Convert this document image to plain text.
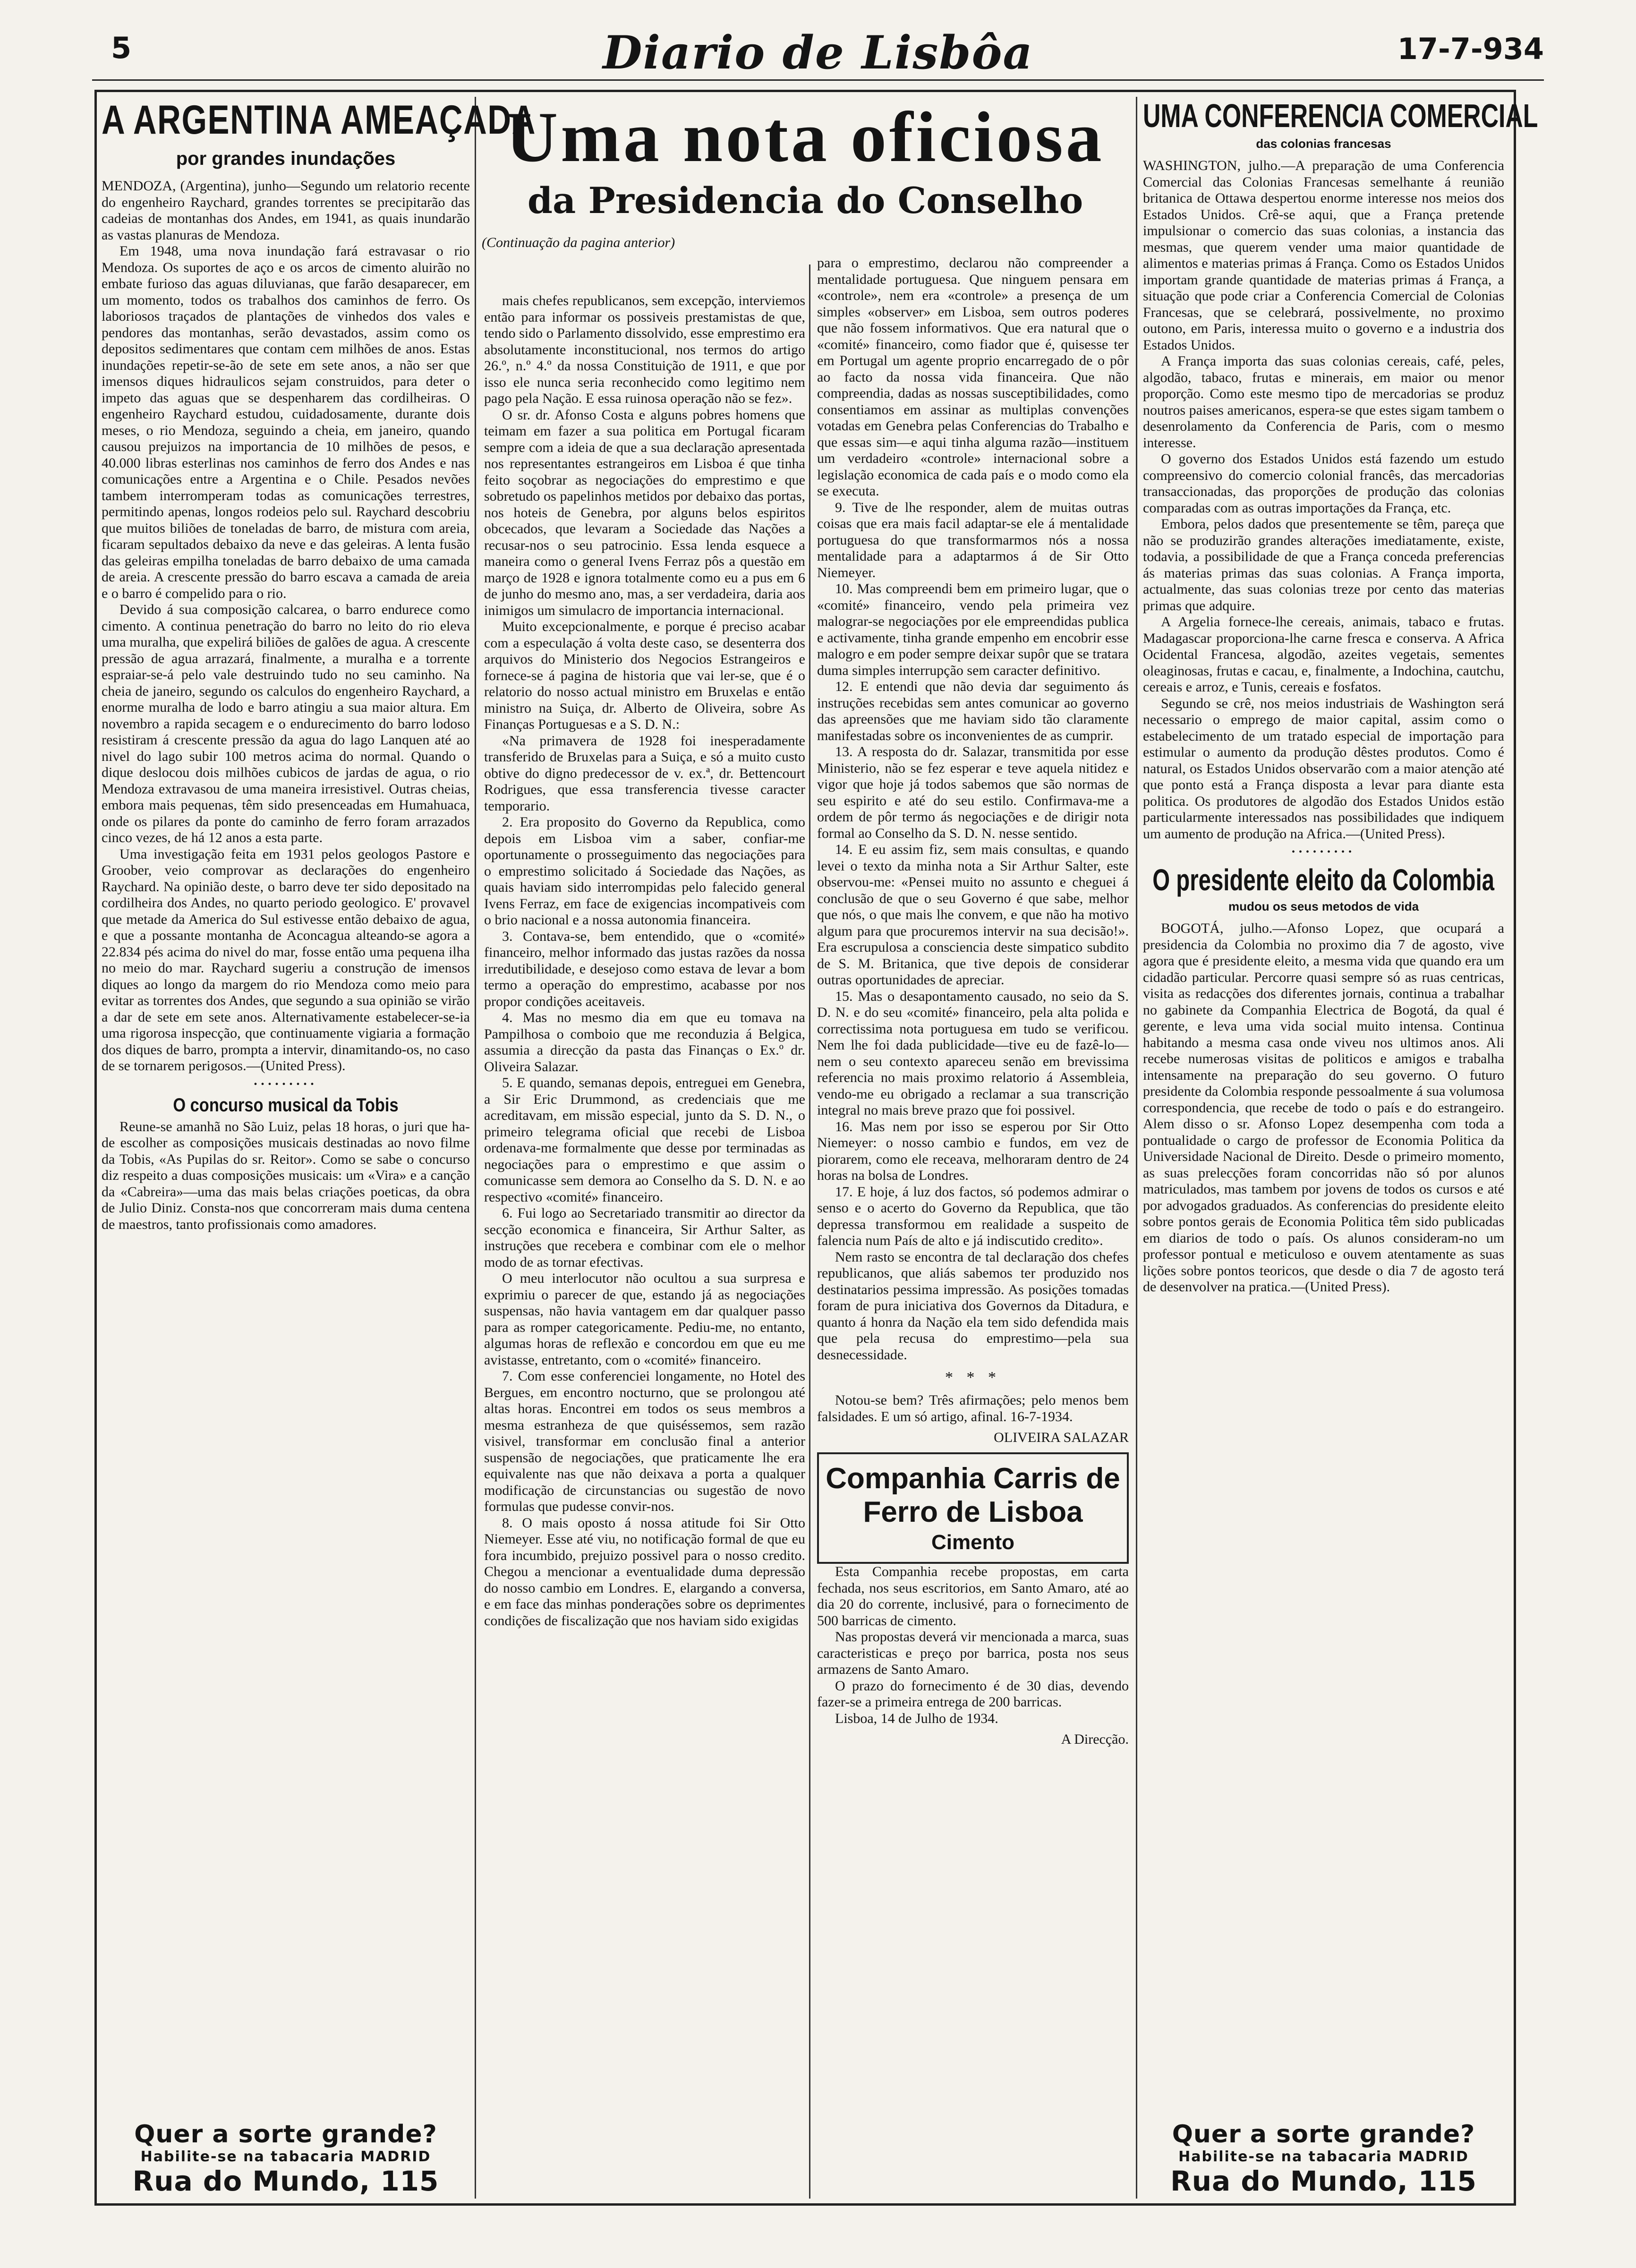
5	Diario de Lisbôa	17-7-934
A ARGENTINA AMEAÇADA
por grandes inundações

MENDOZA, (Argentina), junho—Segundo um relatorio recente do engenheiro Raychard, grandes torrentes se precipitarão das cadeias de montanhas dos Andes, em 1941, as quais inundarão as vastas planuras de Mendoza.

Em 1948, uma nova inundação fará estravasar o rio Mendoza. Os suportes de aço e os arcos de cimento aluirão no embate furioso das aguas diluvianas, que farão desaparecer, em um momento, todos os trabalhos dos caminhos de ferro. Os laboriosos traçados de plantações de vinhedos dos vales e pendores das montanhas, serão devastados, assim como os depositos sedimentares que contam cem milhões de anos. Estas inundações repetir-se-ão de sete em sete anos, a não ser que imensos diques hidraulicos sejam construidos, para deter o impeto das aguas que se despenharem das cordilheiras. O engenheiro Raychard estudou, cuidadosamente, durante dois meses, o rio Mendoza, seguindo a cheia, em janeiro, quando causou prejuizos na importancia de 10 milhões de pesos, e 40.000 libras esterlinas nos caminhos de ferro dos Andes e nas comunicações entre a Argentina e o Chile. Pesados nevões tambem interromperam todas as comunicações terrestres, permitindo apenas, longos rodeios pelo sul. Raychard descobriu que muitos biliões de toneladas de barro, de mistura com areia, ficaram sepultados debaixo da neve e das geleiras. A lenta fusão das geleiras empilha toneladas de barro debaixo de uma camada de areia. A crescente pressão do barro escava a camada de areia e o barro é compelido para o rio.

Devido á sua composição calcarea, o barro endurece como cimento. A continua penetração do barro no leito do rio eleva uma muralha, que expelirá biliões de galões de agua. A crescente pressão de agua arrazará, finalmente, a muralha e a torrente espraiar-se-á pelo vale destruindo tudo no seu caminho. Na cheia de janeiro, segundo os calculos do engenheiro Raychard, a enorme muralha de lodo e barro atingiu a sua maior altura. Em novembro a rapida secagem e o endurecimento do barro lodoso resistiram á crescente pressão da agua do lago Lanquen até ao nivel do lago subir 100 metros acima do normal. Quando o dique deslocou dois milhões cubicos de jardas de agua, o rio Mendoza extravasou de uma maneira irresistivel. Outras cheias, embora mais pequenas, têm sido presenceadas em Humahuaca, onde os pilares da ponte do caminho de ferro foram arrazados cinco vezes, de há 12 anos a esta parte.

Uma investigação feita em 1931 pelos geologos Pastore e Groober, veio comprovar as declarações do engenheiro Raychard. Na opinião deste, o barro deve ter sido depositado na cordilheira dos Andes, no quarto periodo geologico. E' provavel que metade da America do Sul estivesse então debaixo de agua, e que a possante montanha de Aconcagua alteando-se agora a 22.834 pés acima do nivel do mar, fosse então uma pequena ilha no meio do mar. Raychard sugeriu a construção de imensos diques ao longo da margem do rio Mendoza como meio para evitar as torrentes dos Andes, que segundo a sua opinião se virão a dar de sete em sete anos. Alternativamente estabelecer-se-ia uma rigorosa inspecção, que continuamente vigiaria a formação dos diques de barro, prompta a intervir, dinamitando-os, no caso de se tornarem perigosos.—(United Press).

•••••••••
O concurso musical da Tobis

Reune-se amanhã no São Luiz, pelas 18 horas, o juri que ha-de escolher as composições musicais destinadas ao novo filme da Tobis, «As Pupilas do sr. Reitor». Como se sabe o concurso diz respeito a duas composições musicais: um «Vira» e a canção da «Cabreira»—uma das mais belas criações poeticas, da obra de Julio Diniz. Consta-nos que concorreram mais duma centena de maestros, tanto profissionais como amadores.

Quer a sorte grande?
Habilite-se na tabacaria MADRID
Rua do Mundo, 115
Uma nota oficiosa
da Presidencia do Conselho
(Continuação da pagina anterior)

mais chefes republicanos, sem excepção, interviemos então para informar os possiveis prestamistas de que, tendo sido o Parlamento dissolvido, esse emprestimo era absolutamente inconstitucional, nos termos do artigo 26.º, n.º 4.º da nossa Constituição de 1911, e que por isso ele nunca seria reconhecido como legitimo nem pago pela Nação. E essa ruinosa operação não se fez».

O sr. dr. Afonso Costa e alguns pobres homens que teimam em fazer a sua politica em Portugal ficaram sempre com a ideia de que a sua declaração apresentada nos representantes estrangeiros em Lisboa é que tinha feito soçobrar as negociações do emprestimo e que sobretudo os papelinhos metidos por debaixo das portas, nos hoteis de Genebra, por alguns belos espiritos obcecados, que levaram a Sociedade das Nações a recusar-nos o seu patrocinio. Essa lenda esquece a maneira como o general Ivens Ferraz pôs a questão em março de 1928 e ignora totalmente como eu a pus em 6 de junho do mesmo ano, mas, a ser verdadeira, daria aos inimigos um simulacro de importancia internacional.

Muito excepcionalmente, e porque é preciso acabar com a especulação á volta deste caso, se desenterra dos arquivos do Ministerio dos Negocios Estrangeiros e fornece-se á pagina de historia que vai ler-se, que é o relatorio do nosso actual ministro em Bruxelas e então ministro na Suiça, dr. Alberto de Oliveira, sobre As Finanças Portuguesas e a S. D. N.:

«Na primavera de 1928 foi inesperadamente transferido de Bruxelas para a Suiça, e só a muito custo obtive do digno predecessor de v. ex.ª, dr. Bettencourt Rodrigues, que essa transferencia tivesse caracter temporario.

2. Era proposito do Governo da Republica, como depois em Lisboa vim a saber, confiar-me oportunamente o prosseguimento das negociações para o emprestimo solicitado á Sociedade das Nações, as quais haviam sido interrompidas pelo falecido general Ivens Ferraz, em face de exigencias incompativeis com o brio nacional e a nossa autonomia financeira.

3. Contava-se, bem entendido, que o «comité» financeiro, melhor informado das justas razões da nossa irredutibilidade, e desejoso como estava de levar a bom termo a operação do emprestimo, acabasse por nos propor condições aceitaveis.

4. Mas no mesmo dia em que eu tomava na Pampilhosa o comboio que me reconduzia á Belgica, assumia a direcção da pasta das Finanças o Ex.º dr. Oliveira Salazar.

5. E quando, semanas depois, entreguei em Genebra, a Sir Eric Drummond, as credenciais que me acreditavam, em missão especial, junto da S. D. N., o primeiro telegrama oficial que recebi de Lisboa ordenava-me formalmente que desse por terminadas as negociações para o emprestimo e que assim o comunicasse sem demora ao Conselho da S. D. N. e ao respectivo «comité» financeiro.

6. Fui logo ao Secretariado transmitir ao director da secção economica e financeira, Sir Arthur Salter, as instruções que recebera e combinar com ele o melhor modo de as tornar efectivas.

O meu interlocutor não ocultou a sua surpresa e exprimiu o parecer de que, estando já as negociações suspensas, não havia vantagem em dar qualquer passo para as romper categoricamente. Pediu-me, no entanto, algumas horas de reflexão e concordou em que eu me avistasse, entretanto, com o «comité» financeiro.

7. Com esse conferenciei longamente, no Hotel des Bergues, em encontro nocturno, que se prolongou até altas horas. Encontrei em todos os seus membros a mesma estranheza de que quiséssemos, sem razão visivel, transformar em conclusão final a anterior suspensão de negociações, que praticamente lhe era equivalente nas que não deixava a porta a qualquer modificação de circunstancias ou sugestão de novo formulas que pudesse convir-nos.

8. O mais oposto á nossa atitude foi Sir Otto Niemeyer. Esse até viu, no notificação formal de que eu fora incumbido, prejuizo possivel para o nosso credito. Chegou a mencionar a eventualidade duma depressão do nosso cambio em Londres. E, elargando a conversa, e em face das minhas ponderações sobre os deprimentes condições de fiscalização que nos haviam sido exigidas

para o emprestimo, declarou não compreender a mentalidade portuguesa. Que ninguem pensara em «controle», nem era «controle» a presença de um simples «observer» em Lisboa, sem outros poderes que não fossem informativos. Que era natural que o «comité» financeiro, como fiador que é, quisesse ter em Portugal um agente proprio encarregado de o pôr ao facto da nossa vida financeira. Que não compreendia, dadas as nossas susceptibilidades, como consentiamos em assinar as multiplas convenções votadas em Genebra pelas Conferencias do Trabalho e que essas sim—e aqui tinha alguma razão—instituem um verdadeiro «controle» internacional sobre a legislação economica de cada país e o modo como ela se executa.

9. Tive de lhe responder, alem de muitas outras coisas que era mais facil adaptar-se ele á mentalidade portuguesa do que transformarmos nós a nossa mentalidade para a adaptarmos á de Sir Otto Niemeyer.

10. Mas compreendi bem em primeiro lugar, que o «comité» financeiro, vendo pela primeira vez malograr-se negociações por ele empreendidas publica e activamente, tinha grande empenho em encobrir esse malogro e em poder sempre deixar supôr que se tratara duma simples interrupção sem caracter definitivo.

12. E entendi que não devia dar seguimento ás instruções recebidas sem antes comunicar ao governo das apreensões que me haviam sido tão claramente manifestadas sobre os inconvenientes de as cumprir.

13. A resposta do dr. Salazar, transmitida por esse Ministerio, não se fez esperar e teve aquela nitidez e vigor que hoje já todos sabemos que são normas de seu espirito e até do seu estilo. Confirmava-me a ordem de pôr termo ás negociações e de dirigir nota formal ao Conselho da S. D. N. nesse sentido.

14. E eu assim fiz, sem mais consultas, e quando levei o texto da minha nota a Sir Arthur Salter, este observou-me: «Pensei muito no assunto e cheguei á conclusão de que o seu Governo é que sabe, melhor que nós, o que mais lhe convem, e que não ha motivo algum para que procuremos intervir na sua decisão!». Era escrupulosa a consciencia deste simpatico subdito de S. M. Britanica, que tive depois de considerar outras oportunidades de apreciar.

15. Mas o desapontamento causado, no seio da S. D. N. e do seu «comité» financeiro, pela alta polida e correctissima nota portuguesa em tudo se verificou. Nem lhe foi dada publicidade—tive eu de fazê-lo—nem o seu contexto apareceu senão em brevissima referencia no mais proximo relatorio á Assembleia, vendo-me eu obrigado a reclamar a sua transcrição integral no mais breve prazo que foi possivel.

16. Mas nem por isso se esperou por Sir Otto Niemeyer: o nosso cambio e fundos, em vez de piorarem, como ele receava, melhoraram dentro de 24 horas na bolsa de Londres.

17. E hoje, á luz dos factos, só podemos admirar o senso e o acerto do Governo da Republica, que tão depressa transformou em realidade a suspeito de falencia num País de alto e já indiscutido credito».

Nem rasto se encontra de tal declaração dos chefes republicanos, que aliás sabemos ter produzido nos destinatarios pessima impressão. As posições tomadas foram de pura iniciativa dos Governos da Ditadura, e quanto á honra da Nação ela tem sido defendida mais que pela recusa do emprestimo—pela sua desnecessidade.

* * *

Notou-se bem? Três afirmações; pelo menos bem falsidades. E um só artigo, afinal. 16-7-1934.

OLIVEIRA SALAZAR
Companhia Carris de Ferro de Lisboa
Cimento

Esta Companhia recebe propostas, em carta fechada, nos seus escritorios, em Santo Amaro, até ao dia 20 do corrente, inclusivé, para o fornecimento de 500 barricas de cimento.

Nas propostas deverá vir mencionada a marca, suas caracteristicas e preço por barrica, posta nos seus armazens de Santo Amaro.

O prazo do fornecimento é de 30 dias, devendo fazer-se a primeira entrega de 200 barricas.

Lisboa, 14 de Julho de 1934.

A Direcção.
UMA CONFERENCIA COMERCIAL
das colonias francesas

WASHINGTON, julho.—A preparação de uma Conferencia Comercial das Colonias Francesas semelhante á reunião britanica de Ottawa despertou enorme interesse nos meios dos Estados Unidos. Crê-se aqui, que a França pretende impulsionar o comercio das suas colonias, a instancia das mesmas, que querem vender uma maior quantidade de alimentos e materias primas á França. Como os Estados Unidos importam grande quantidade de materias primas á França, a situação que pode criar a Conferencia Comercial de Colonias Francesas, que se celebrará, possivelmente, no proximo outono, em Paris, interessa muito o governo e a industria dos Estados Unidos.

A França importa das suas colonias cereais, café, peles, algodão, tabaco, frutas e minerais, em maior ou menor proporção. Como este mesmo tipo de mercadorias se produz noutros paises americanos, espera-se que estes sigam tambem o desenrolamento da Conferencia de Paris, com o mesmo interesse.

O governo dos Estados Unidos está fazendo um estudo compreensivo do comercio colonial francês, das mercadorias transaccionadas, das proporções de produção das colonias comparadas com as outras importações da França, etc.

Embora, pelos dados que presentemente se têm, pareça que não se produzirão grandes alterações imediatamente, existe, todavia, a possibilidade de que a França conceda preferencias ás materias primas das suas colonias. A França importa, actualmente, das suas colonias treze por cento das materias primas que adquire.

A Argelia fornece-lhe cereais, animais, tabaco e frutas. Madagascar proporciona-lhe carne fresca e conserva. A Africa Ocidental Francesa, algodão, azeites vegetais, sementes oleaginosas, frutas e cacau, e, finalmente, a Indochina, cautchu, cereais e arroz, e Tunis, cereais e fosfatos.

Segundo se crê, nos meios industriais de Washington será necessario o emprego de maior capital, assim como o estabelecimento de um tratado especial de importação para estimular o aumento da produção dêstes produtos. Como é natural, os Estados Unidos observarão com a maior atenção até que ponto está a França disposta a levar para diante esta politica. Os produtores de algodão dos Estados Unidos estão particularmente interessados nas possibilidades que indiquem um aumento de produção na Africa.—(United Press).

•••••••••
O presidente eleito da Colombia
mudou os seus metodos de vida

BOGOTÁ, julho.—Afonso Lopez, que ocupará a presidencia da Colombia no proximo dia 7 de agosto, vive agora que é presidente eleito, a mesma vida que quando era um cidadão particular. Percorre quasi sempre só as ruas centricas, visita as redacções dos diferentes jornais, continua a trabalhar no gabinete da Companhia Electrica de Bogotá, da qual é gerente, e leva uma vida social muito intensa. Continua habitando a mesma casa onde viveu nos ultimos anos. Ali recebe numerosas visitas de politicos e amigos e trabalha intensamente na preparação do seu governo. O futuro presidente da Colombia responde pessoalmente á sua volumosa correspondencia, que recebe de todo o país e do estrangeiro. Alem disso o sr. Afonso Lopez desempenha com toda a pontualidade o cargo de professor de Economia Politica da Universidade Nacional de Direito. Desde o primeiro momento, as suas prelecções foram concorridas não só por alunos matriculados, mas tambem por jovens de todos os cursos e até por advogados graduados. As conferencias do presidente eleito sobre pontos gerais de Economia Politica têm sido publicadas em diarios de todo o país. Os alunos consideram-no um professor pontual e meticuloso e ouvem atentamente as suas lições sobre pontos teoricos, que desde o dia 7 de agosto terá de desenvolver na pratica.—(United Press).

Quer a sorte grande?
Habilite-se na tabacaria MADRID
Rua do Mundo, 115
